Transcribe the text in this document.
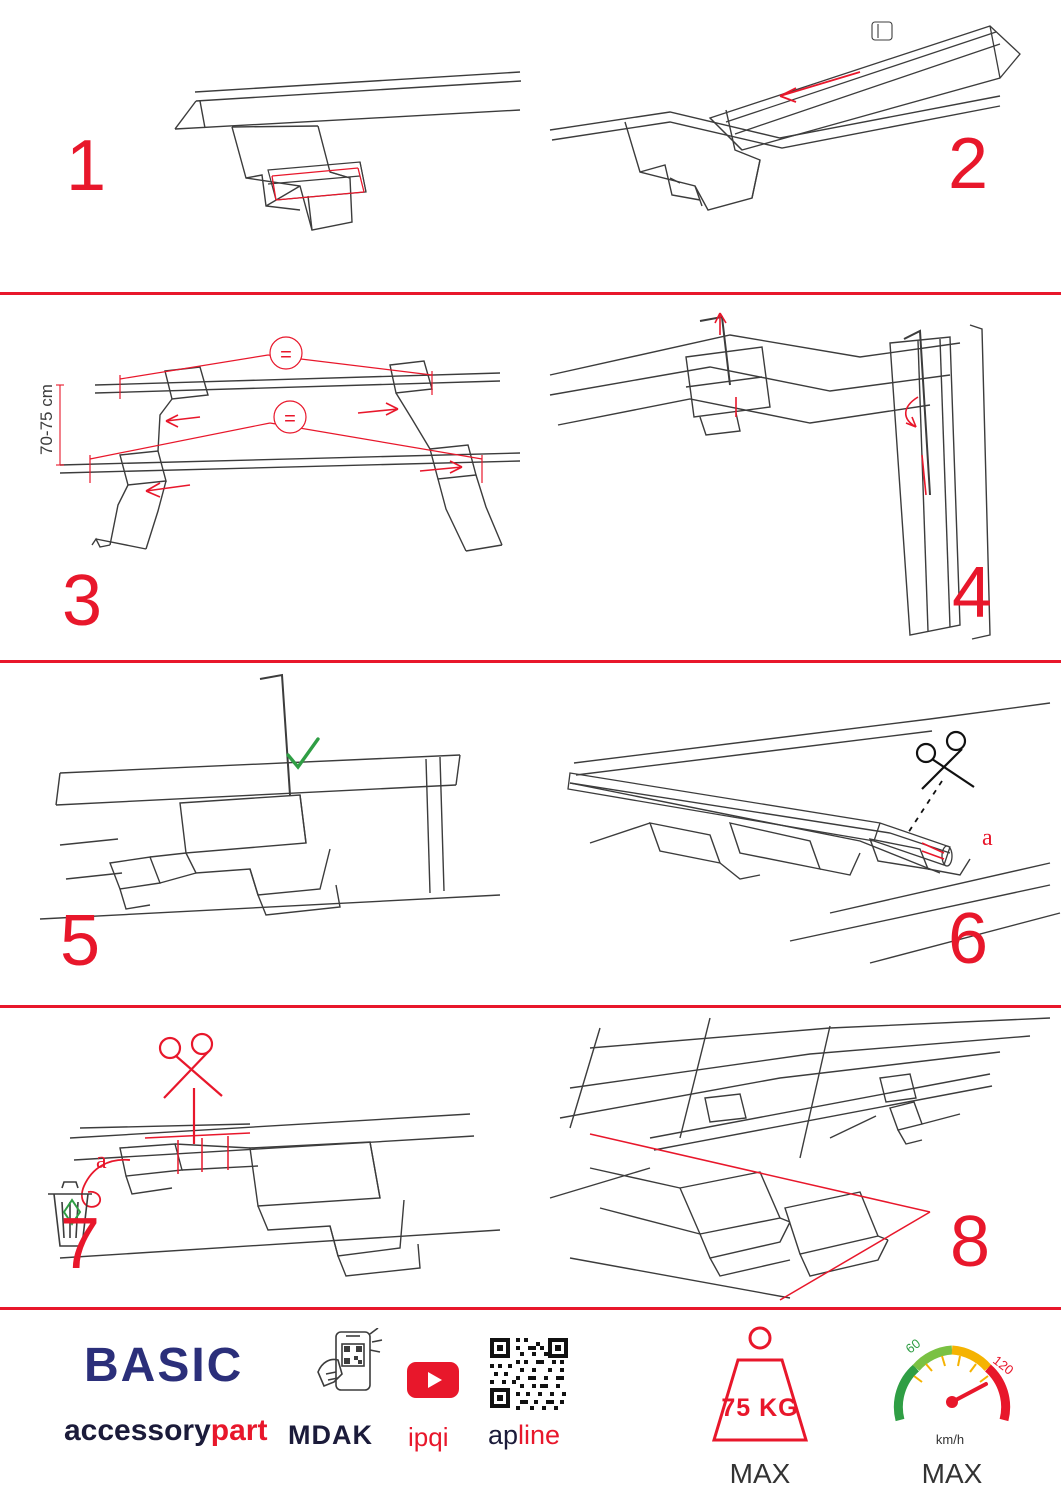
1	2
=
=
70-75 cm
3	4
5
a
6
a
7	8
BASIC
accessorypart MDAK ipqi apline
75 KG
MAX
60
120
km/h
MAX
